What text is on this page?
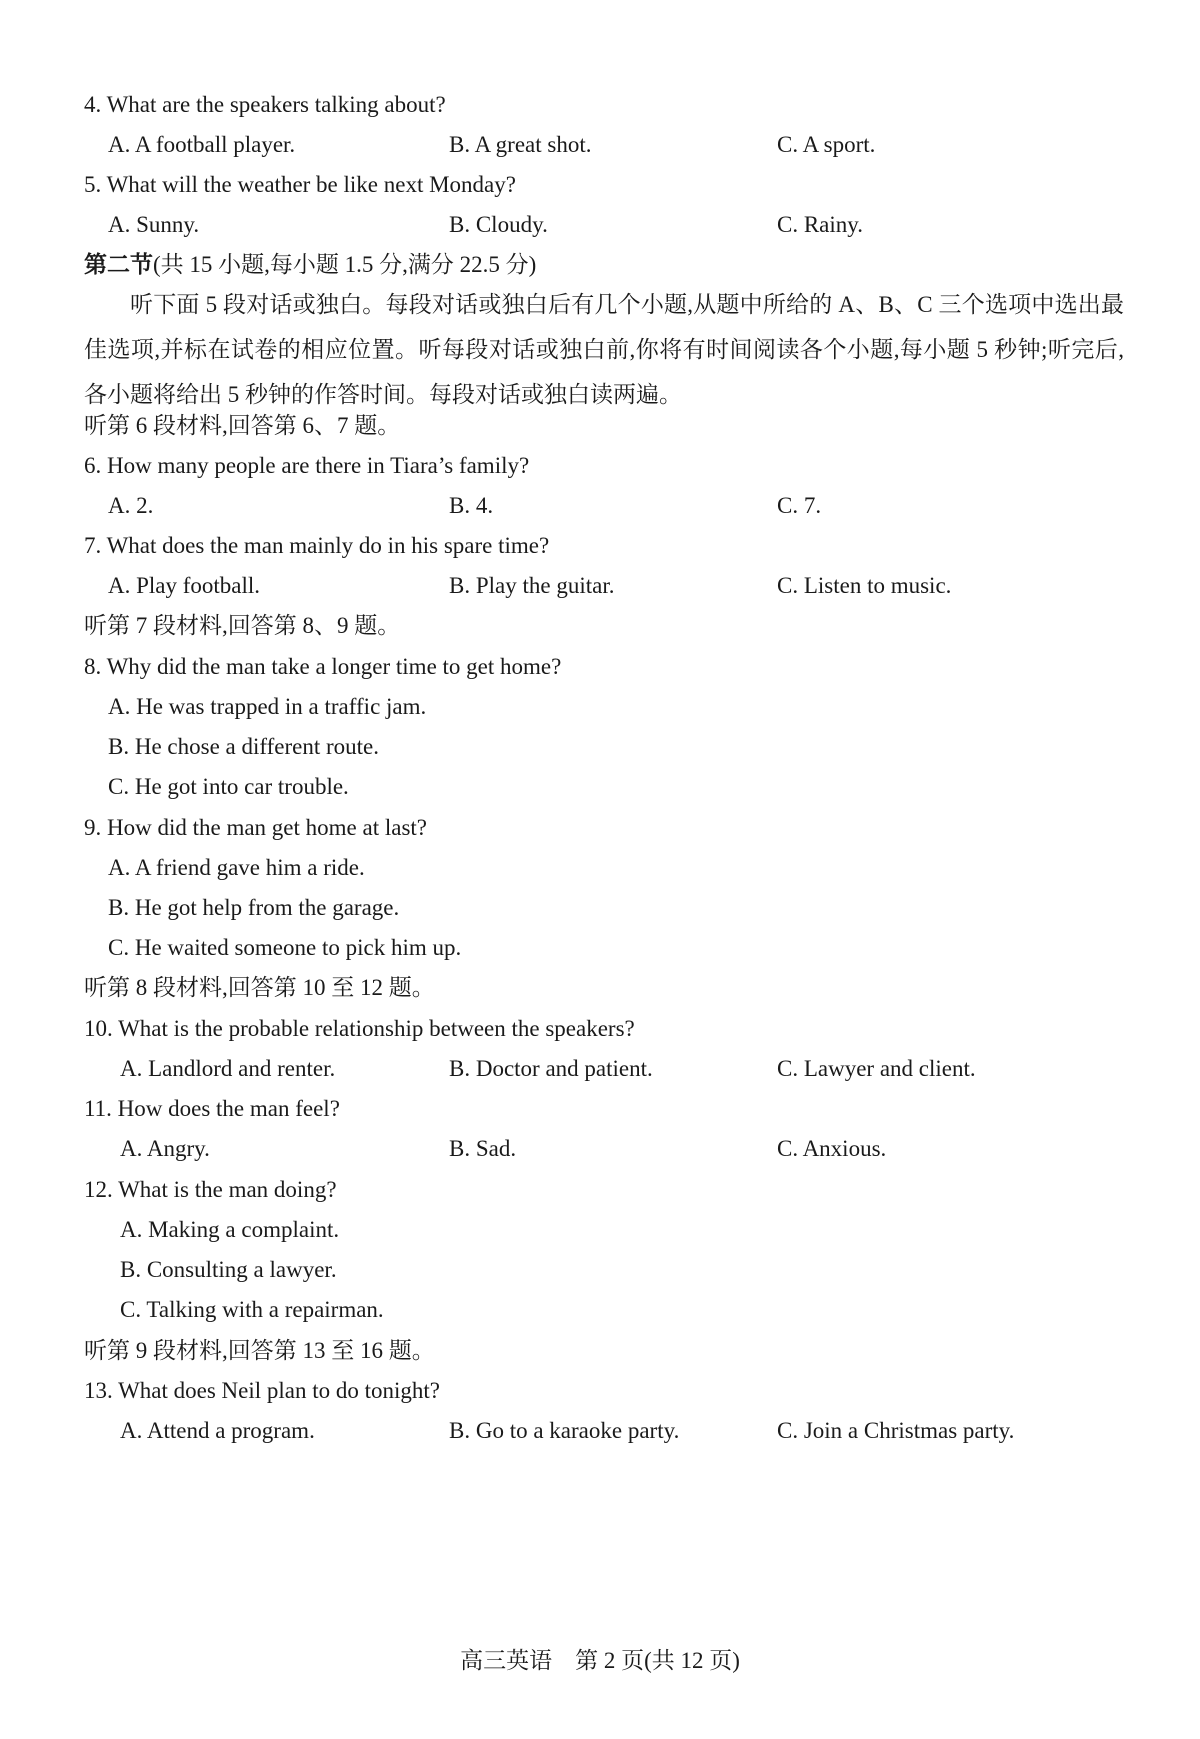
4. What are the speakers talking about?
A. A football player.	B. A great shot.	C. A sport.
5. What will the weather be like next Monday?
A. Sunny.	B. Cloudy.	C. Rainy.
第二节(共 15 小题,每小题 1.5 分,满分 22.5 分)

听下面 5 段对话或独白。每段对话或独白后有几个小题,从题中所给的 A、B、C 三个选项中选出最佳选项,并标在试卷的相应位置。听每段对话或独白前,你将有时间阅读各个小题,每小题 5 秒钟;听完后,各小题将给出 5 秒钟的作答时间。每段对话或独白读两遍。

听第 6 段材料,回答第 6、7 题。
6. How many people are there in Tiara’s family?
A. 2.	B. 4.	C. 7.
7. What does the man mainly do in his spare time?
A. Play football.	B. Play the guitar.	C. Listen to music.
听第 7 段材料,回答第 8、9 题。
8. Why did the man take a longer time to get home?
A. He was trapped in a traffic jam.
B. He chose a different route.
C. He got into car trouble.
9. How did the man get home at last?
A. A friend gave him a ride.
B. He got help from the garage.
C. He waited someone to pick him up.
听第 8 段材料,回答第 10 至 12 题。
10. What is the probable relationship between the speakers?
A. Landlord and renter.	B. Doctor and patient.	C. Lawyer and client.
11. How does the man feel?
A. Angry.	B. Sad.	C. Anxious.
12. What is the man doing?
A. Making a complaint.
B. Consulting a lawyer.
C. Talking with a repairman.
听第 9 段材料,回答第 13 至 16 题。
13. What does Neil plan to do tonight?
A. Attend a program.	B. Go to a karaoke party.	C. Join a Christmas party.
高三英语　第 2 页(共 12 页)
